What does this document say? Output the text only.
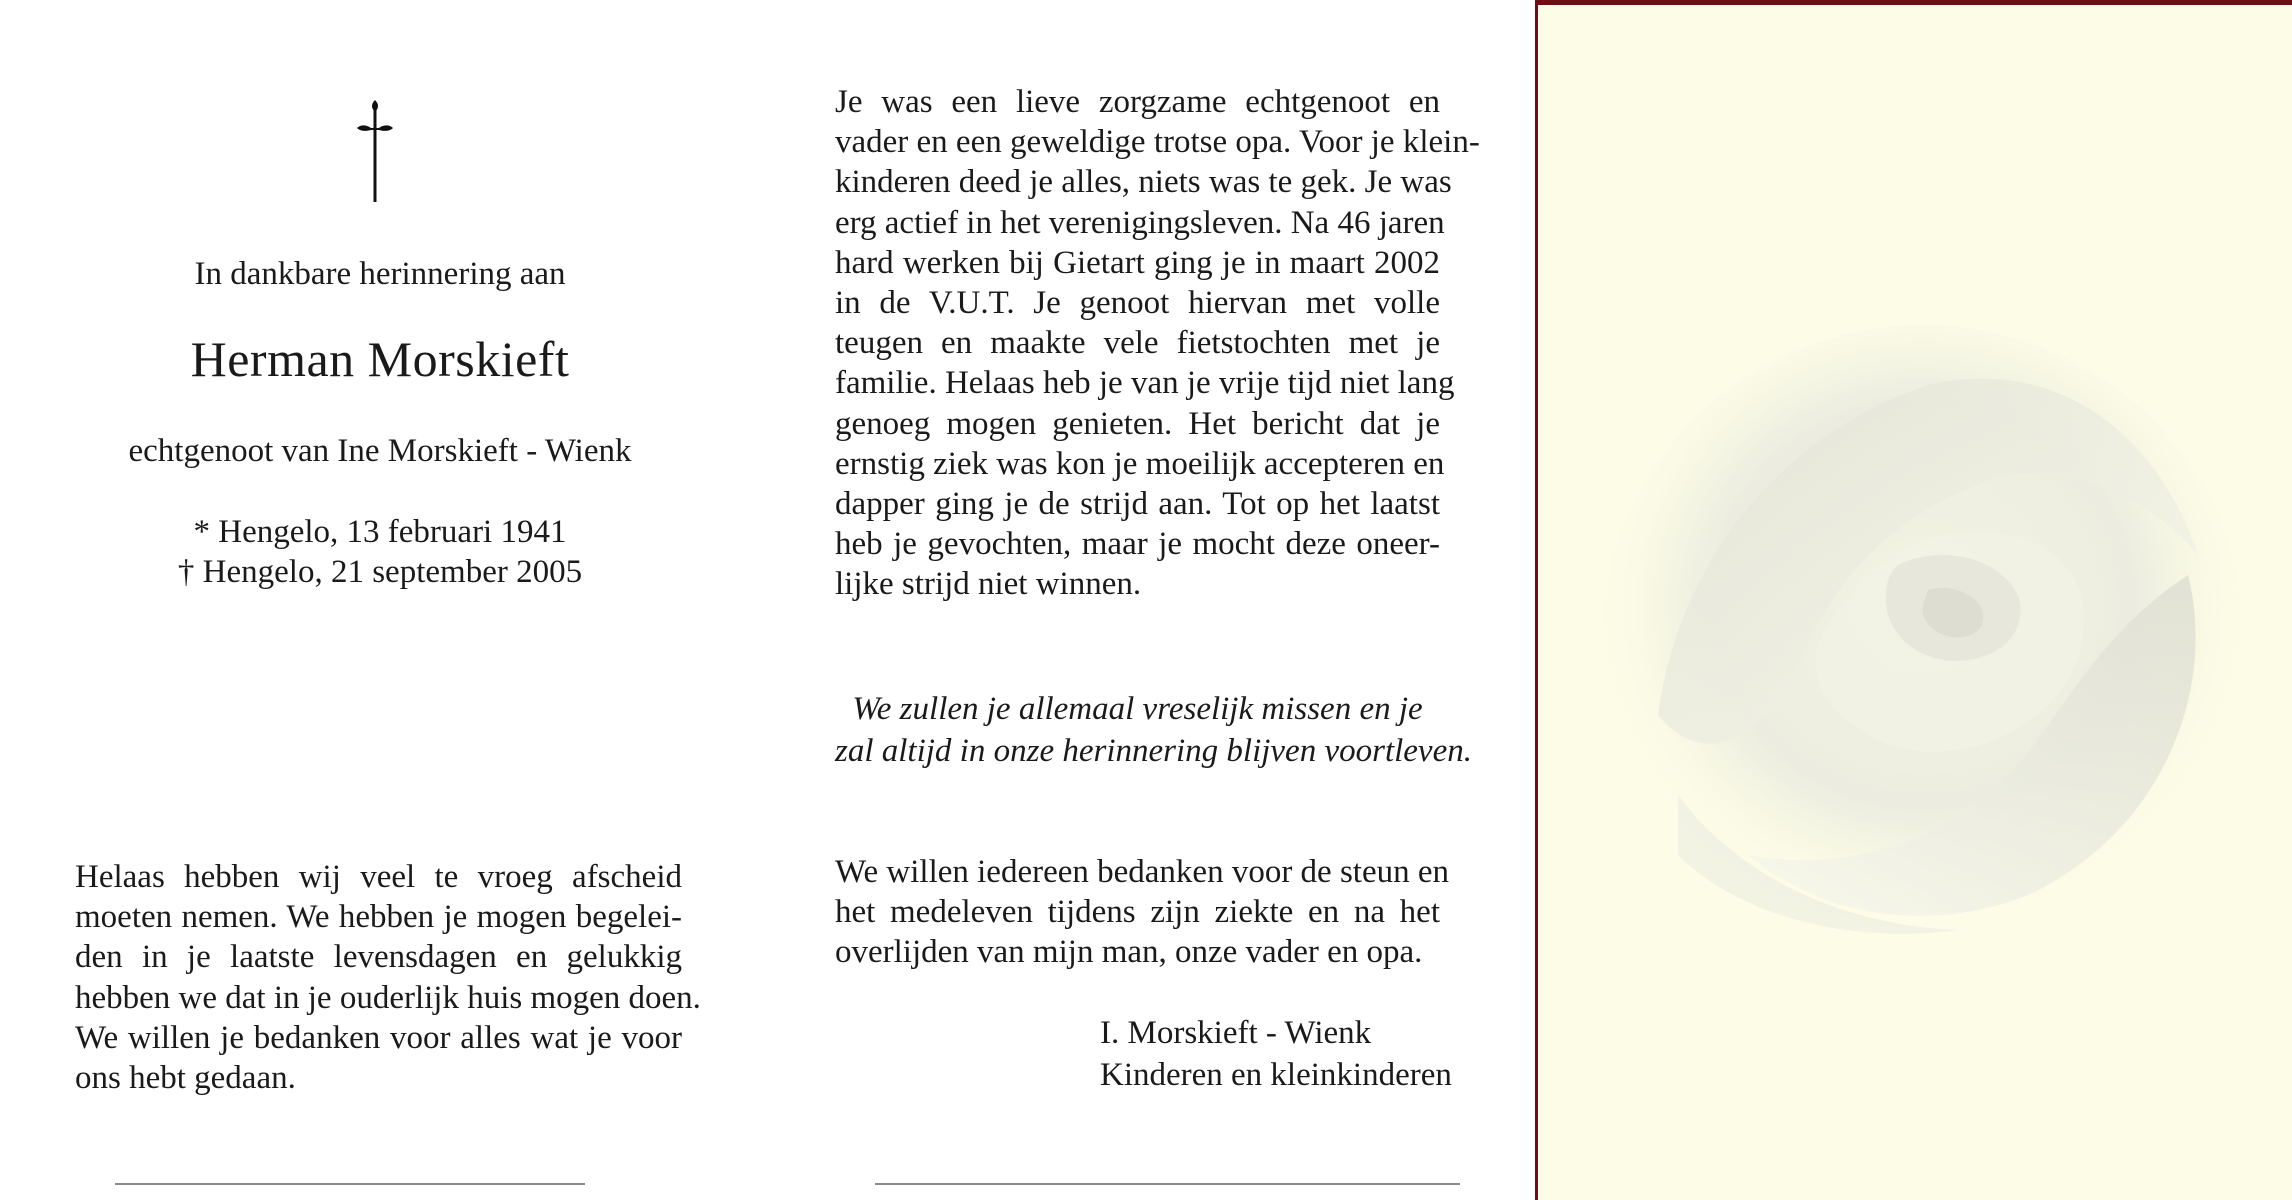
In dankbare herinnering aan
Herman Morskieft
echtgenoot van Ine Morskieft - Wienk
* Hengelo, 13 februari 1941
† Hengelo, 21 september 2005
Helaas hebben wij veel te vroeg afscheid
moeten nemen. We hebben je mogen begelei-
den in je laatste levensdagen en gelukkig
hebben we dat in je ouderlijk huis mogen doen.
We willen je bedanken voor alles wat je voor
ons hebt gedaan.
Je was een lieve zorgzame echtgenoot en
vader en een geweldige trotse opa. Voor je klein-
kinderen deed je alles, niets was te gek. Je was
erg actief in het verenigingsleven. Na 46 jaren
hard werken bij Gietart ging je in maart 2002
in de V.U.T. Je genoot hiervan met volle
teugen en maakte vele fietstochten met je
familie. Helaas heb je van je vrije tijd niet lang
genoeg mogen genieten. Het bericht dat je
ernstig ziek was kon je moeilijk accepteren en
dapper ging je de strijd aan. Tot op het laatst
heb je gevochten, maar je mocht deze oneer-
lijke strijd niet winnen.
We zullen je allemaal vreselijk missen en je
zal altijd in onze herinnering blijven voortleven.
We willen iedereen bedanken voor de steun en
het medeleven tijdens zijn ziekte en na het
overlijden van mijn man, onze vader en opa.
I. Morskieft - Wienk
Kinderen en kleinkinderen
